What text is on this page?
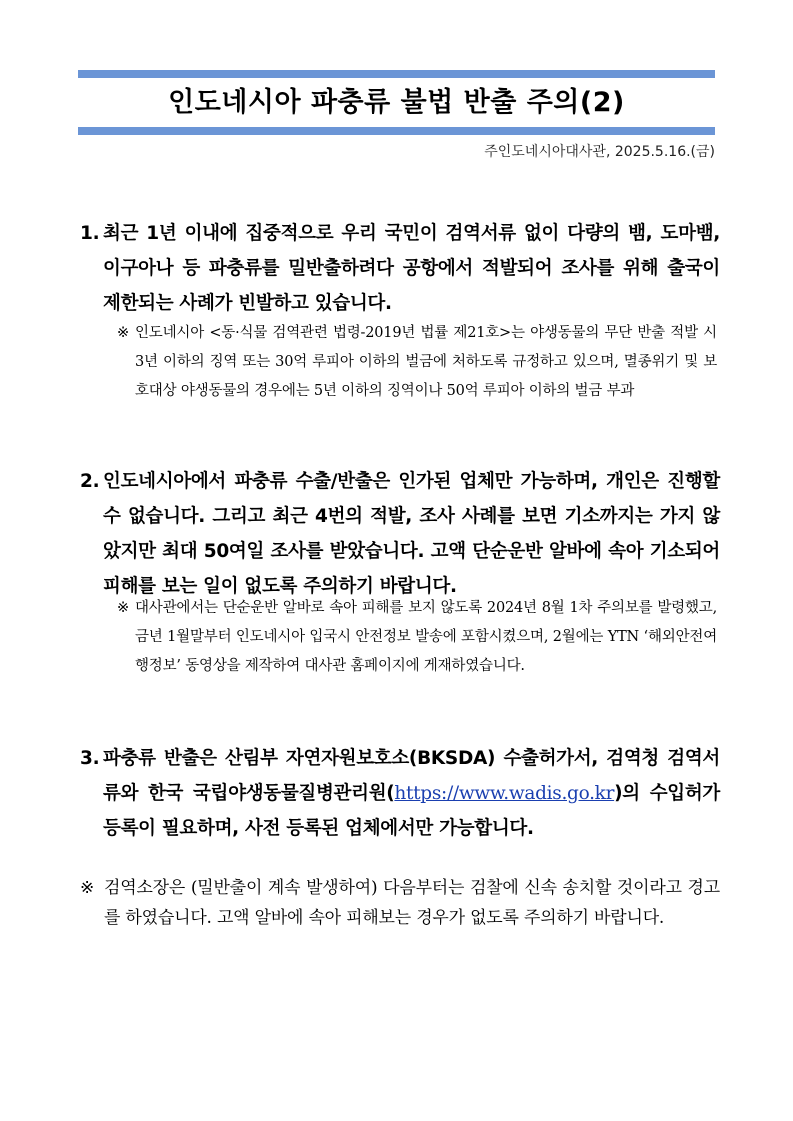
인도네시아 파충류 불법 반출 주의(2)
주인도네시아대사관, 2025.5.16.(금)
1. 최근 1년 이내에 집중적으로 우리 국민이 검역서류 없이 다량의 뱀, 도마뱀, 이구아나 등 파충류를 밀반출하려다 공항에서 적발되어 조사를 위해 출국이 제한되는 사례가 빈발하고 있습니다.
※ 인도네시아 <동·식물 검역관련 법령-2019년 법률 제21호>는 야생동물의 무단 반출 적발 시 3년 이하의 징역 또는 30억 루피아 이하의 벌금에 처하도록 규정하고 있으며, 멸종위기 및 보호대상 야생동물의 경우에는 5년 이하의 징역이나 50억 루피아 이하의 벌금 부과
2. 인도네시아에서 파충류 수출/반출은 인가된 업체만 가능하며, 개인은 진행할 수 없습니다. 그리고 최근 4번의 적발, 조사 사례를 보면 기소까지는 가지 않았지만 최대 50여일 조사를 받았습니다. 고액 단순운반 알바에 속아 기소되어 피해를 보는 일이 없도록 주의하기 바랍니다.
※ 대사관에서는 단순운반 알바로 속아 피해를 보지 않도록 2024년 8월 1차 주의보를 발령했고, 금년 1월말부터 인도네시아 입국시 안전정보 발송에 포함시켰으며, 2월에는 YTN ‘해외안전여행정보’ 동영상을 제작하여 대사관 홈페이지에 게재하였습니다.
3. 파충류 반출은 산림부 자연자원보호소(BKSDA) 수출허가서, 검역청 검역서류와 한국 국립야생동물질병관리원(https://www.wadis.go.kr)의 수입허가 등록이 필요하며, 사전 등록된 업체에서만 가능합니다.
※ 검역소장은 (밀반출이 계속 발생하여) 다음부터는 검찰에 신속 송치할 것이라고 경고를 하였습니다. 고액 알바에 속아 피해보는 경우가 없도록 주의하기 바랍니다.
